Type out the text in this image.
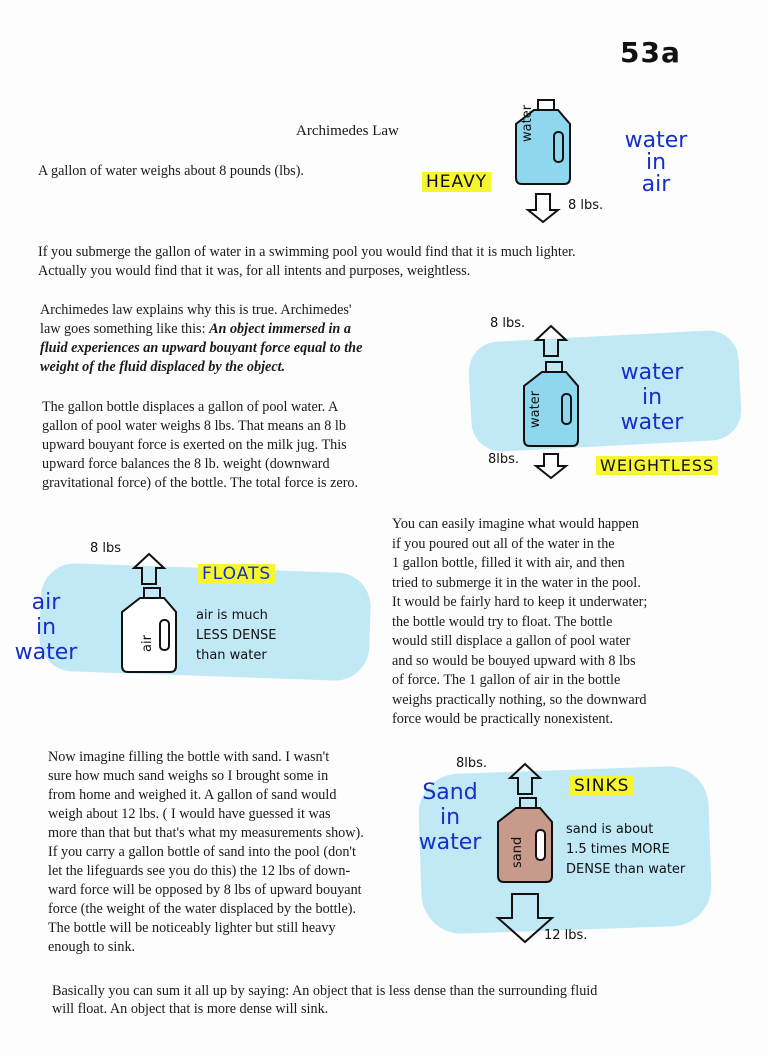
53a
Archimedes Law
A gallon of water weighs about 8 pounds (lbs).
HEAVY
water
8 lbs.
water
in
air
If you submerge the gallon of water in a swimming pool you would find that it is much lighter.
Actually you would find that it was, for all intents and purposes, weightless.
Archimedes law explains why this is true. Archimedes'
law goes something like this: An object immersed in a
fluid experiences an upward bouyant force equal to the
weight of the fluid displaced by the object.
The gallon bottle displaces a gallon of pool water. A
gallon of pool water weighs 8 lbs. That means an 8 lb
upward bouyant force is exerted on the milk jug. This
upward force balances the 8 lb. weight (downward
gravitational force) of the bottle. The total force is zero.
8 lbs.
water
8lbs.
water
in
water
WEIGHTLESS
8 lbs
FLOATS
air
air
in
water
air is much
LESS DENSE
than water
You can easily imagine what would happen
if you poured out all of the water in the
1 gallon bottle, filled it with air, and then
tried to submerge it in the water in the pool.
It would be fairly hard to keep it underwater;
the bottle would try to float. The bottle
would still displace a gallon of pool water
and so would be bouyed upward with 8 lbs
of force. The 1 gallon of air in the bottle
weighs practically nothing, so the downward
force would be practically nonexistent.
Now imagine filling the bottle with sand. I wasn't
sure how much sand weighs so I brought some in
from home and weighed it. A gallon of sand would
weigh about 12 lbs. ( I would have guessed it was
more than that but that's what my measurements show).
If you carry a gallon bottle of sand into the pool (don't
let the lifeguards see you do this) the 12 lbs of down-
ward force will be opposed by 8 lbs of upward bouyant
force (the weight of the water displaced by the bottle).
The bottle will be noticeably lighter but still heavy
enough to sink.
8lbs.
sand
12 lbs.
SINKS
Sand
in
water
sand is about
1.5 times MORE
DENSE than water
Basically you can sum it all up by saying: An object that is less dense than the surrounding fluid
will float. An object that is more dense will sink.
